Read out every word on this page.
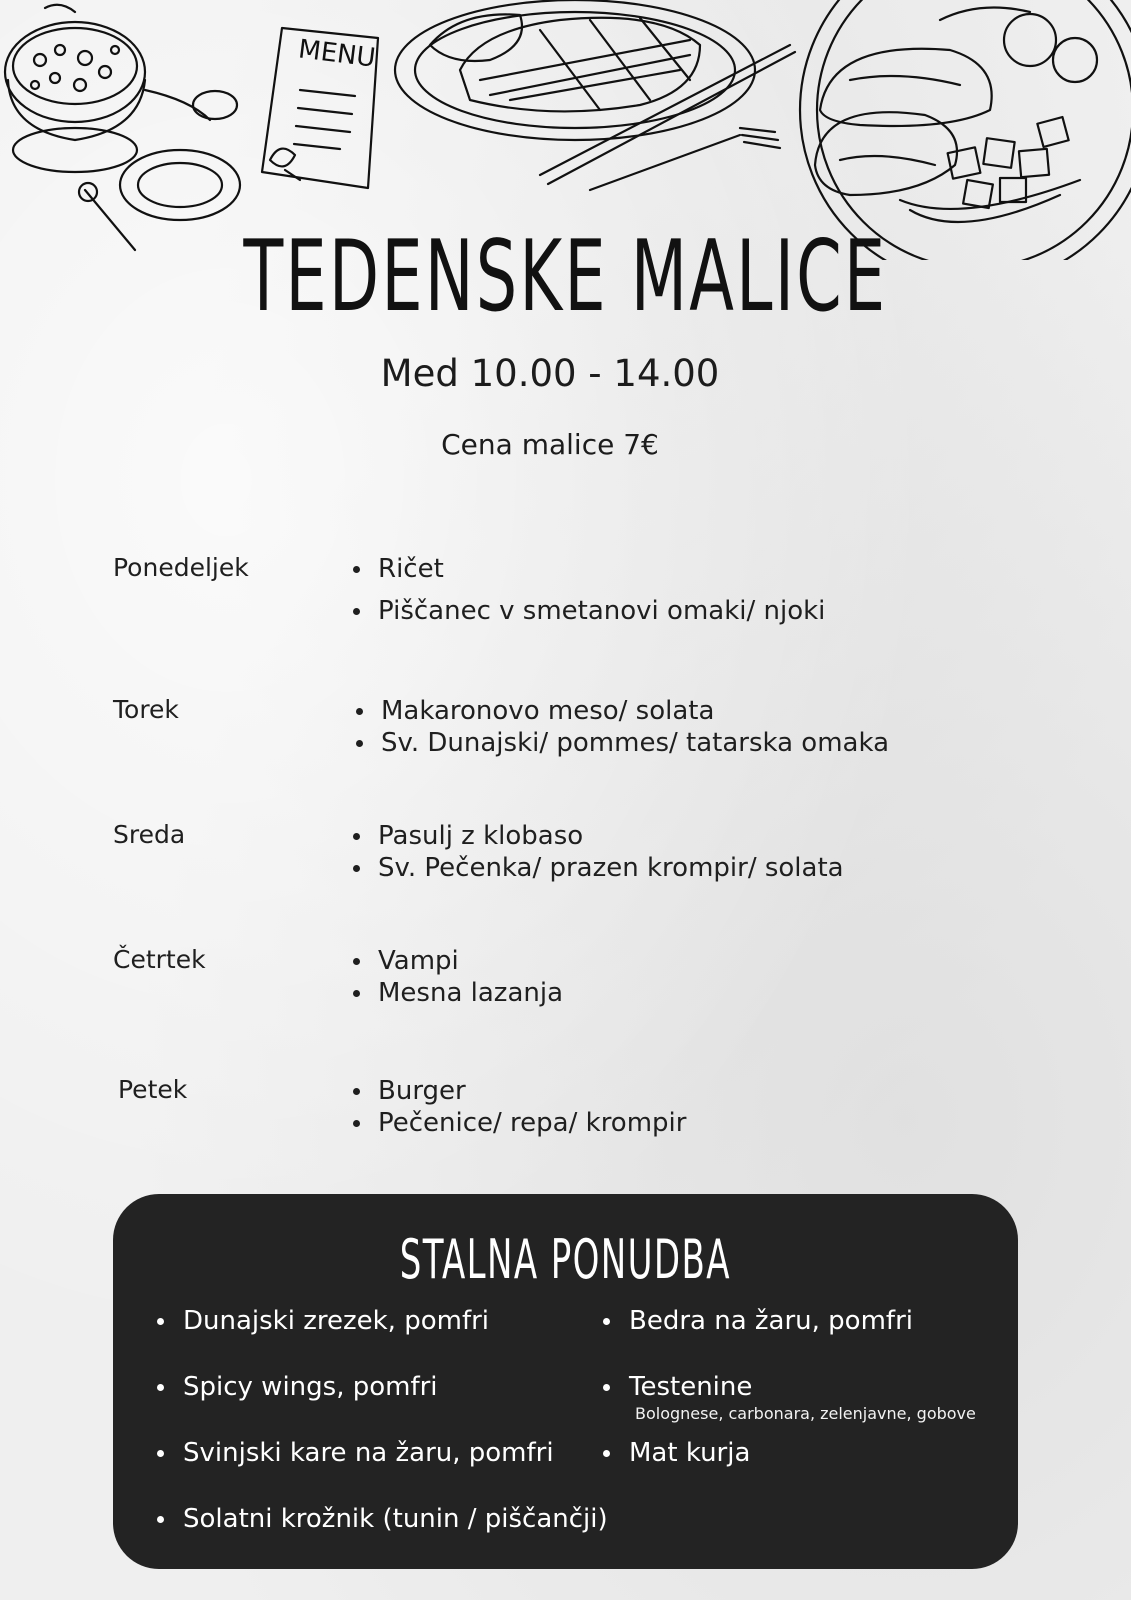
MENU
TEDENSKE MALICE
Med 10.00 - 14.00
Cena malice 7€
Ponedeljek	Ričet
Piščanec v smetanovi omaki/ njoki
Torek	Makaronovo meso/ solata
Sv. Dunajski/ pommes/ tatarska omaka
Sreda	Pasulj z klobaso
Sv. Pečenka/ prazen krompir/ solata
Četrtek	Vampi
Mesna lazanja
Petek	Burger
Pečenice/ repa/ krompir
STALNA PONUDBA
Dunajski zrezek, pomfri
Spicy wings, pomfri
Svinjski kare na žaru, pomfri
Solatni krožnik (tunin / piščančji)
Bedra na žaru, pomfri
Testenine
Bolognese, carbonara, zelenjavne, gobove
Mat kurja
